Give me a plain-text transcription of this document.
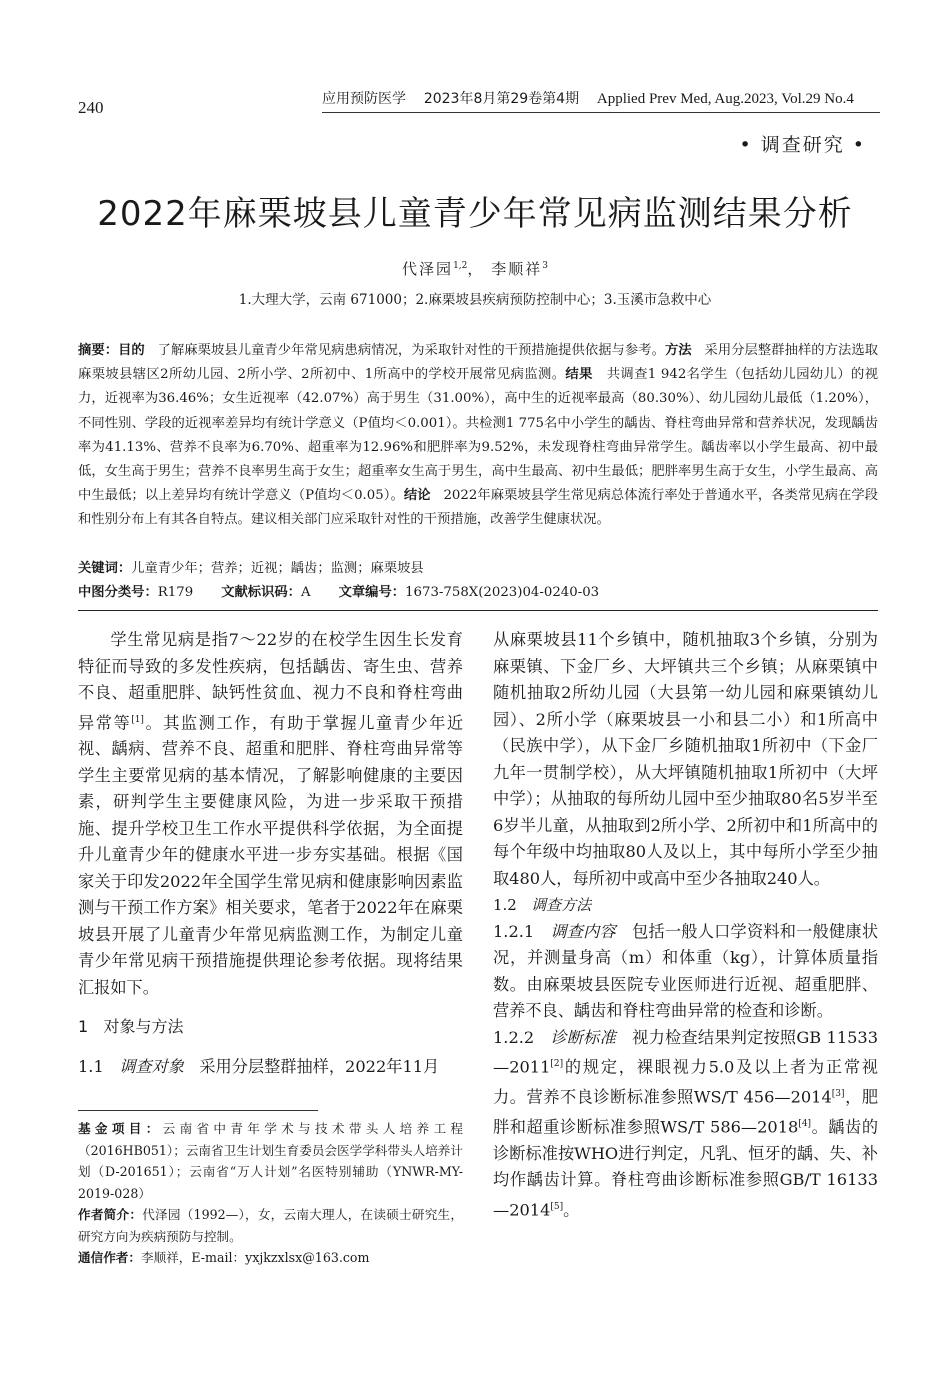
240	应用预防医学 2023年8月第29卷第4期 Applied Prev Med, Aug.2023, Vol.29 No.4
• 调查研究 •
2022年麻栗坡县儿童青少年常见病监测结果分析
代泽园$^{1,2}$， 李顺祥$^3$
1.大理大学，云南 671000；2.麻栗坡县疾病预防控制中心；3.玉溪市急救中心
摘要：目的 了解麻栗坡县儿童青少年常见病患病情况，为采取针对性的干预措施提供依据与参考。方法 采用分层整群抽样的方法选取麻栗坡县辖区2所幼儿园、2所小学、2所初中、1所高中的学校开展常见病监测。结果 共调查1 942名学生（包括幼儿园幼儿）的视力，近视率为36.46%；女生近视率（42.07%）高于男生（31.00%），高中生的近视率最高（80.30%）、幼儿园幼儿最低（1.20%），不同性别、学段的近视率差异均有统计学意义（P值均＜0.001）。共检测1 775名中小学生的龋齿、脊柱弯曲异常和营养状况，发现龋齿率为41.13%、营养不良率为6.70%、超重率为12.96%和肥胖率为9.52%，未发现脊柱弯曲异常学生。龋齿率以小学生最高、初中最低，女生高于男生；营养不良率男生高于女生；超重率女生高于男生，高中生最高、初中生最低；肥胖率男生高于女生，小学生最高、高中生最低；以上差异均有统计学意义（P值均＜0.05）。结论 2022年麻栗坡县学生常见病总体流行率处于普通水平，各类常见病在学段和性别分布上有其各自特点。建议相关部门应采取针对性的干预措施，改善学生健康状况。
关键词：儿童青少年；营养；近视；龋齿；监测；麻栗坡县
中图分类号：R179 文献标识码：A 文章编号：1673-758X(2023)04-0240-03

学生常见病是指7～22岁的在校学生因生长发育特征而导致的多发性疾病，包括龋齿、寄生虫、营养不良、超重肥胖、缺钙性贫血、视力不良和脊柱弯曲异常等[1]。其监测工作，有助于掌握儿童青少年近视、龋病、营养不良、超重和肥胖、脊柱弯曲异常等学生主要常见病的基本情况，了解影响健康的主要因素，研判学生主要健康风险，为进一步采取干预措施、提升学校卫生工作水平提供科学依据，为全面提升儿童青少年的健康水平进一步夯实基础。根据《国家关于印发2022年全国学生常见病和健康影响因素监测与干预工作方案》相关要求，笔者于2022年在麻栗坡县开展了儿童青少年常见病监测工作，为制定儿童青少年常见病干预措施提供理论参考依据。现将结果汇报如下。

1 对象与方法

1.1 调查对象 采用分层整群抽样，2022年11月

基金项目：云南省中青年学术与技术带头人培养工程（2016HB051）；云南省卫生计划生育委员会医学学科带头人培养计划（D-201651）；云南省“万人计划”名医特别辅助（YNWR-MY-2019-028）

作者简介：代泽园（1992—），女，云南大理人，在读硕士研究生，研究方向为疾病预防与控制。

通信作者：李顺祥，E-mail：yxjkzxlsx@163.com

从麻栗坡县11个乡镇中，随机抽取3个乡镇，分别为麻栗镇、下金厂乡、大坪镇共三个乡镇；从麻栗镇中随机抽取2所幼儿园（大县第一幼儿园和麻栗镇幼儿园）、2所小学（麻栗坡县一小和县二小）和1所高中（民族中学），从下金厂乡随机抽取1所初中（下金厂九年一贯制学校），从大坪镇随机抽取1所初中（大坪中学）；从抽取的每所幼儿园中至少抽取80名5岁半至6岁半儿童，从抽取到2所小学、2所初中和1所高中的每个年级中均抽取80人及以上，其中每所小学至少抽取480人，每所初中或高中至少各抽取240人。

1.2 调查方法

1.2.1 调查内容 包括一般人口学资料和一般健康状况，并测量身高（m）和体重（kg），计算体质量指数。由麻栗坡县医院专业医师进行近视、超重肥胖、营养不良、龋齿和脊柱弯曲异常的检查和诊断。

1.2.2 诊断标准 视力检查结果判定按照GB 11533—2011[2]的规定，裸眼视力5.0及以上者为正常视力。营养不良诊断标准参照WS/T 456—2014[3]，肥胖和超重诊断标准参照WS/T 586—2018[4]。龋齿的诊断标准按WHO进行判定，凡乳、恒牙的龋、失、补均作龋齿计算。脊柱弯曲诊断标准参照GB/T 16133—2014[5]。
